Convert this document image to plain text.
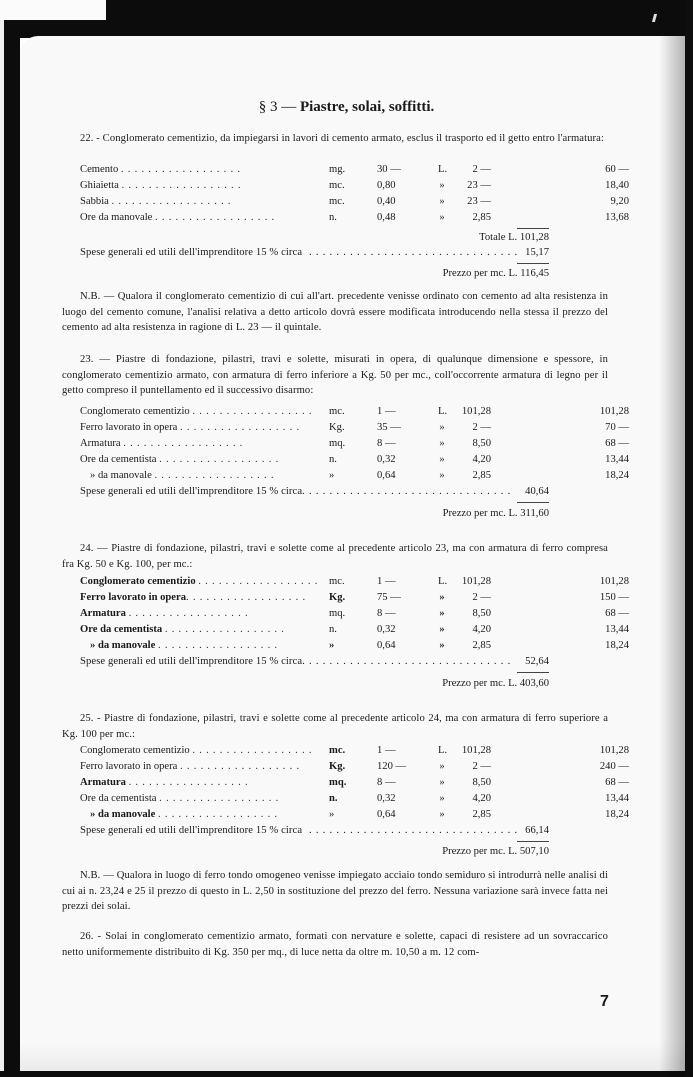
§ 3 — Piastre, solai, soffitti.
22. - Conglomerato cementizio, da impiegarsi in lavori di cemento armato, esclus il trasporto ed il getto entro l'armatura:
Cemento ..................	mg.	30 —	L.	2 —	60 —
Ghiaietta ..................	mc.	0,80	»	23 —	18,40
Sabbia ..................	mc.	0,40	»	23 —	9,20
Ore da manovale ..................	n.	0,48	»	2,85	13,68
Totale L. 101,28
Spese generali ed utili dell'imprenditore 15 % circa ............................... 15,17
Prezzo per mc. L. 116,45
N.B. — Qualora il conglomerato cementizio di cui all'art. precedente venisse ordinato con cemento ad alta resistenza in luogo del cemento comune, l'analisi relativa a detto articolo dovrà essere modificata introducendo nella stessa il prezzo del cemento ad alta resistenza in ragione di L. 23 — il quintale.
23. — Piastre di fondazione, pilastri, travi e solette, misurati in opera, di qualunque dimensione e spessore, in conglomerato cementizio armato, con armatura di ferro inferiore a Kg. 50 per mc., coll'occorrente armatura di legno per il getto compreso il puntellamento ed il successivo disarmo:
Conglomerato cementizio ..................	mc.	1 —	L.	101,28	101,28
Ferro lavorato in opera ..................	Kg.	35 —	»	2 —	70 —
Armatura ..................	mq.	8 —	»	8,50	68 —
Ore da cementista ..................	n.	0,32	»	4,20	13,44
» da manovale ..................	»	0,64	»	2,85	18,24
Spese generali ed utili dell'imprenditore 15 % circa...............................	40,64
Prezzo per mc. L. 311,60
24. — Piastre di fondazione, pilastri, travi e solette come al precedente articolo 23, ma con armatura di ferro compresa fra Kg. 50 e Kg. 100, per mc.:
Conglomerato cementizio .................. mc.	1 —	L.	101,28	101,28
Ferro lavorato in opera..................	Kg.	75 —	»	2 —	150 —
Armatura ..................	mq.	8 —	»	8,50	68 —
Ore da cementista ..................	n.	0,32	»	4,20	13,44
» da manovale ..................	»	0,64	»	2,85	18,24
Spese generali ed utili dell'imprenditore 15 % circa...............................	52,64
Prezzo per mc. L. 403,60
25. - Piastre di fondazione, pilastri, travi e solette come al precedente articolo 24, ma con armatura di ferro superiore a Kg. 100 per mc.:
Conglomerato cementizio ..................	mc.	1 —	L.	101,28	101,28
Ferro lavorato in opera ..................	Kg.	120 —	»	2 —	240 —
Armatura ..................	mq.	8 —	»	8,50	68 —
Ore da cementista ..................	n.	0,32	»	4,20	13,44
» da manovale ..................	»	0,64	»	2,85	18,24
Spese generali ed utili dell'imprenditore 15 % circa ............................... 66,14
Prezzo per mc. L. 507,10
N.B. — Qualora in luogo di ferro tondo omogeneo venisse impiegato acciaio tondo semiduro si introdurrà nelle analisi di cui ai n. 23,24 e 25 il prezzo di questo in L. 2,50 in sostituzione del prezzo del ferro. Nessuna variazione sarà invece fatta nei prezzi dei solai.
26. - Solai in conglomerato cementizio armato, formati con nervature e solette, capaci di resistere ad un sovraccarico netto uniformemente distribuito di Kg. 350 per mq., di luce netta da oltre m. 10,50 a m. 12 com-
7
